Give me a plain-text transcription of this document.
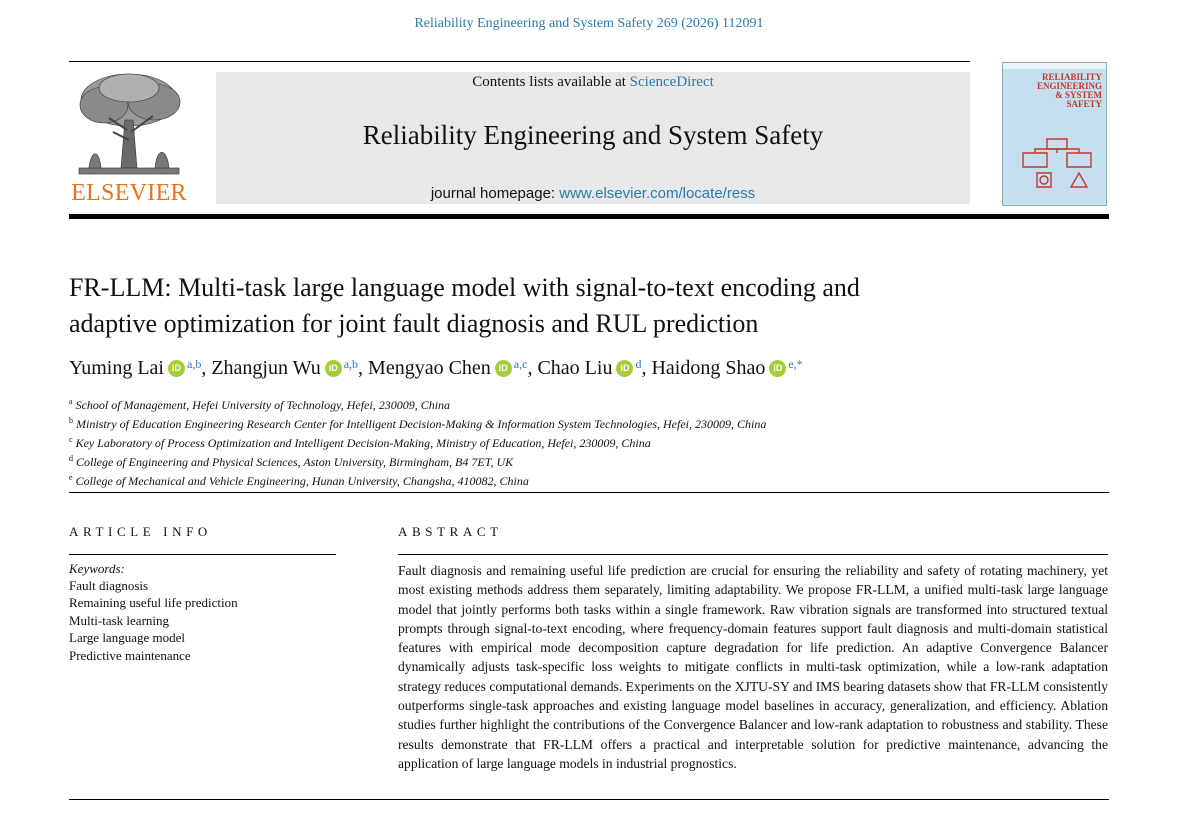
Reliability Engineering and System Safety 269 (2026) 112091
ELSEVIER
Contents lists available at ScienceDirect
Reliability Engineering and System Safety
journal homepage: www.elsevier.com/locate/ress
RELIABILITY
ENGINEERING
& SYSTEM
SAFETY
FR-LLM: Multi-task large language model with signal-to-text encoding and
adaptive optimization for joint fault diagnosis and RUL prediction
Yuming Lai iD $^{a,b}$, Zhangjun Wu iD $^{a,b}$, Mengyao Chen iD $^{a,c}$, Chao Liu iD $^d$, Haidong Shao iD $^{e,*}$
$^a$ School of Management, Hefei University of Technology, Hefei, 230009, China
$^b$ Ministry of Education Engineering Research Center for Intelligent Decision-Making & Information System Technologies, Hefei, 230009, China
$^c$ Key Laboratory of Process Optimization and Intelligent Decision-Making, Ministry of Education, Hefei, 230009, China
$^d$ College of Engineering and Physical Sciences, Aston University, Birmingham, B4 7ET, UK
$^e$ College of Mechanical and Vehicle Engineering, Hunan University, Changsha, 410082, China
ARTICLE INFO
Keywords:
Fault diagnosis
Remaining useful life prediction
Multi-task learning
Large language model
Predictive maintenance
ABSTRACT
Fault diagnosis and remaining useful life prediction are crucial for ensuring the reliability and safety of rotating machinery, yet most existing methods address them separately, limiting adaptability. We propose FR-LLM, a unified multi-task large language model that jointly performs both tasks within a single framework. Raw vibration signals are transformed into structured textual prompts through signal-to-text encoding, where frequency-domain features support fault diagnosis and multi-domain statistical features with empirical mode decomposition capture degradation for life prediction. An adaptive Convergence Balancer dynamically adjusts task-specific loss weights to mitigate conflicts in multi-task optimization, while a low-rank adaptation strategy reduces computational demands. Experiments on the XJTU-SY and IMS bearing datasets show that FR-LLM consistently outperforms single-task approaches and existing language model baselines in accuracy, generalization, and efficiency. Ablation studies further highlight the contributions of the Convergence Balancer and low-rank adaptation to robustness and stability. These results demonstrate that FR-LLM offers a practical and interpretable solution for predictive maintenance, advancing the application of large language models in industrial prognostics.
